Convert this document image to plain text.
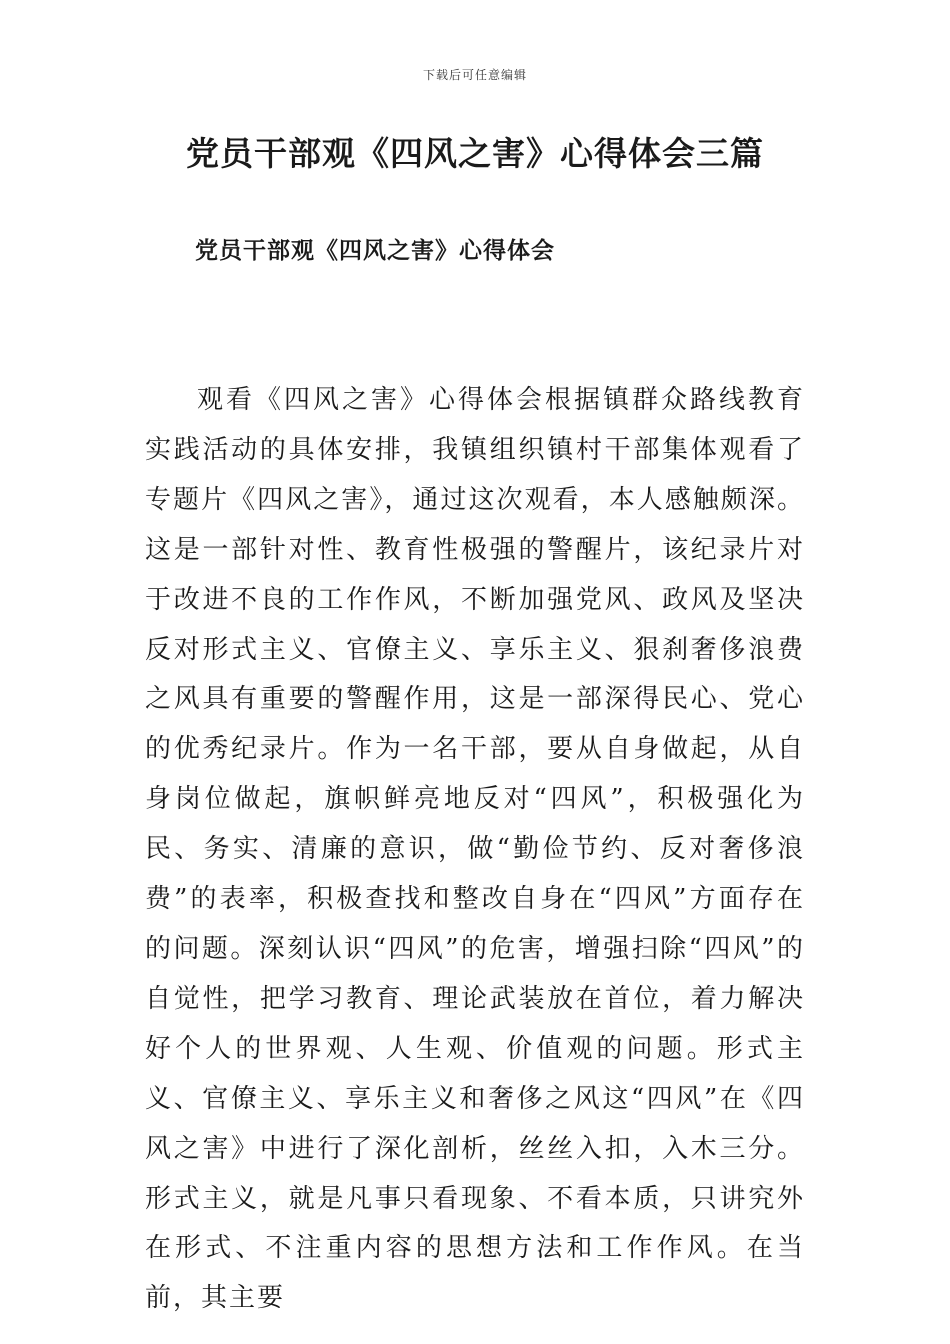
下载后可任意编辑
党员干部观《四风之害》心得体会三篇
党员干部观《四风之害》心得体会

观看《四风之害》心得体会根据镇群众路线教育实践活动的具体安排，我镇组织镇村干部集体观看了专题片《四风之害》，通过这次观看，本人感触颇深。这是一部针对性、教育性极强的警醒片，该纪录片对于改进不良的工作作风，不断加强党风、政风及坚决反对形式主义、官僚主义、享乐主义、狠刹奢侈浪费之风具有重要的警醒作用，这是一部深得民心、党心的优秀纪录片。作为一名干部，要从自身做起，从自身岗位做起，旗帜鲜亮地反对“四风”，积极强化为民、务实、清廉的意识，做“勤俭节约、反对奢侈浪费”的表率，积极查找和整改自身在“四风”方面存在的问题。深刻认识“四风”的危害，增强扫除“四风”的自觉性，把学习教育、理论武装放在首位，着力解决好个人的世界观、人生观、价值观的问题。形式主义、官僚主义、享乐主义和奢侈之风这“四风”在《四风之害》中进行了深化剖析，丝丝入扣，入木三分。形式主义，就是凡事只看现象、不看本质，只讲究外在形式、不注重内容的思想方法和工作作风。在当前，其主要
